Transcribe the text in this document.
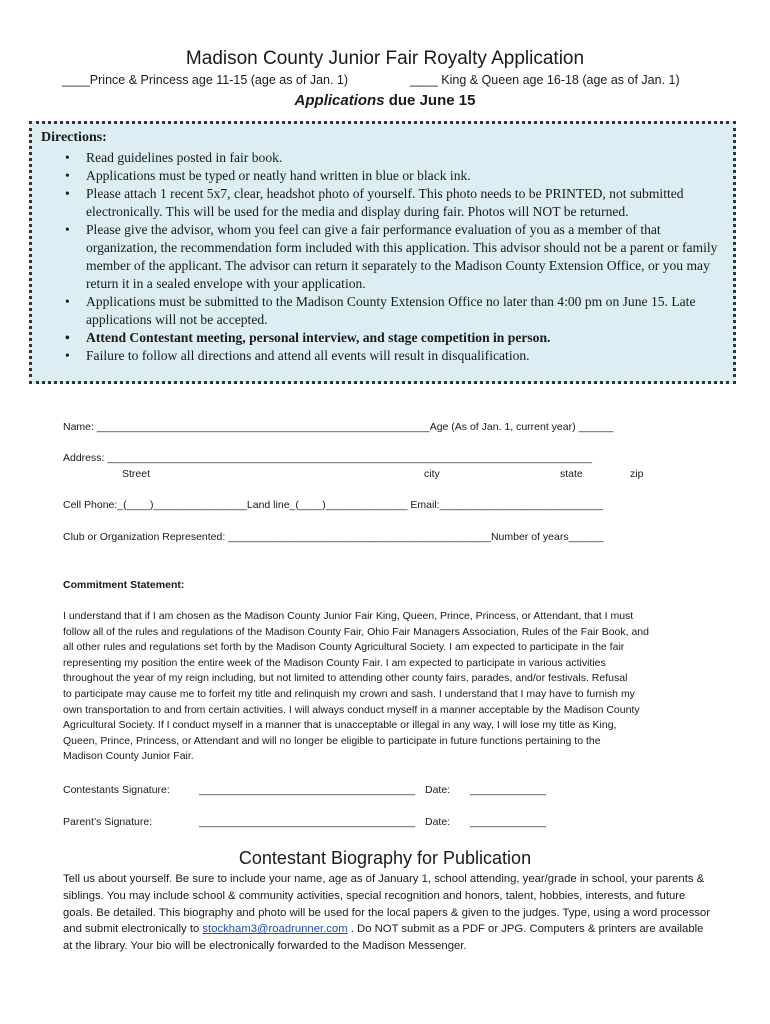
Madison County Junior Fair Royalty Application
____Prince & Princess age 11-15 (age as of Jan. 1)	____ King & Queen age 16-18 (age as of Jan. 1)
Applications due June 15
Directions:
• Read guidelines posted in fair book.
• Applications must be typed or neatly hand written in blue or black ink.
• Please attach 1 recent 5x7, clear, headshot photo of yourself. This photo needs to be PRINTED, not submitted electronically. This will be used for the media and display during fair. Photos will NOT be returned.
• Please give the advisor, whom you feel can give a fair performance evaluation of you as a member of that organization, the recommendation form included with this application. This advisor should not be a parent or family member of the applicant. The advisor can return it separately to the Madison County Extension Office, or you may return it in a sealed envelope with your application.
• Applications must be submitted to the Madison County Extension Office no later than 4:00 pm on June 15. Late applications will not be accepted.
• Attend Contestant meeting, personal interview, and stage competition in person.
• Failure to follow all directions and attend all events will result in disqualification.
Name: _________________________________________________________Age (As of Jan. 1, current year) ______
Address: ___________________________________________________________________________________
Street	city	state	zip
Cell Phone:_(____)________________Land line_(____)______________ Email:____________________________
Club or Organization Represented: _____________________________________________Number of years______
Commitment Statement:
I understand that if I am chosen as the Madison County Junior Fair King, Queen, Prince, Princess, or Attendant, that I must
follow all of the rules and regulations of the Madison County Fair, Ohio Fair Managers Association, Rules of the Fair Book, and
all other rules and regulations set forth by the Madison County Agricultural Society. I am expected to participate in the fair
representing my position the entire week of the Madison County Fair. I am expected to participate in various activities
throughout the year of my reign including, but not limited to attending other county fairs, parades, and/or festivals. Refusal
to participate may cause me to forfeit my title and relinquish my crown and sash. I understand that I may have to furnish my
own transportation to and from certain activities. I will always conduct myself in a manner acceptable by the Madison County
Agricultural Society. If I conduct myself in a manner that is unacceptable or illegal in any way, I will lose my title as King,
Queen, Prince, Princess, or Attendant and will no longer be eligible to participate in future functions pertaining to the
Madison County Junior Fair.
Contestants Signature:	_____________________________________ Date: _____________
Parent’s Signature:	_____________________________________ Date: _____________
Contestant Biography for Publication
Tell us about yourself. Be sure to include your name, age as of January 1, school attending, year/grade in school, your parents & siblings. You may include school & community activities, special recognition and honors, talent, hobbies, interests, and future goals. Be detailed. This biography and photo will be used for the local papers & given to the judges. Type, using a word processor and submit electronically to stockham3@roadrunner.com . Do NOT submit as a PDF or JPG. Computers & printers are available at the library. Your bio will be electronically forwarded to the Madison Messenger.
